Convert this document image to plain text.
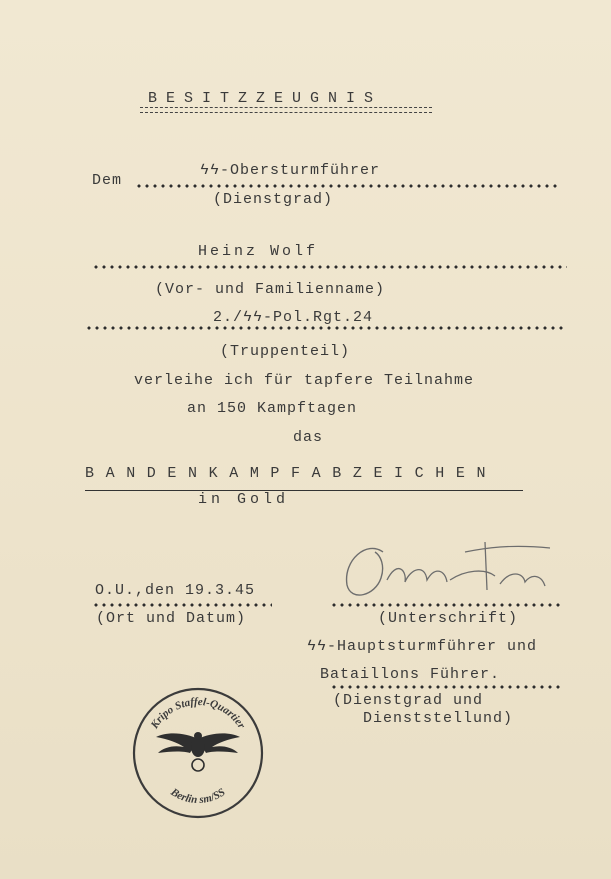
B E S I T Z Z E U G N I S
Dem
ϟϟ-Obersturmführer
(Dienstgrad)
Heinz Wolf
(Vor- und Familienname)
2./ϟϟ-Pol.Rgt.24
(Truppenteil)
verleihe ich für tapfere Teilnahme
an 150 Kampftagen
das
B A N D E N K A M P F A B Z E I C H E N
in Gold
O.U.,den 19.3.45
(Ort und Datum)	(Unterschrift)
ϟϟ-Hauptsturmführer und
Bataillons Führer.
(Dienstgrad und
Dienststellund)
Kripo Staffel-Quartier
Berlin sm/SS
